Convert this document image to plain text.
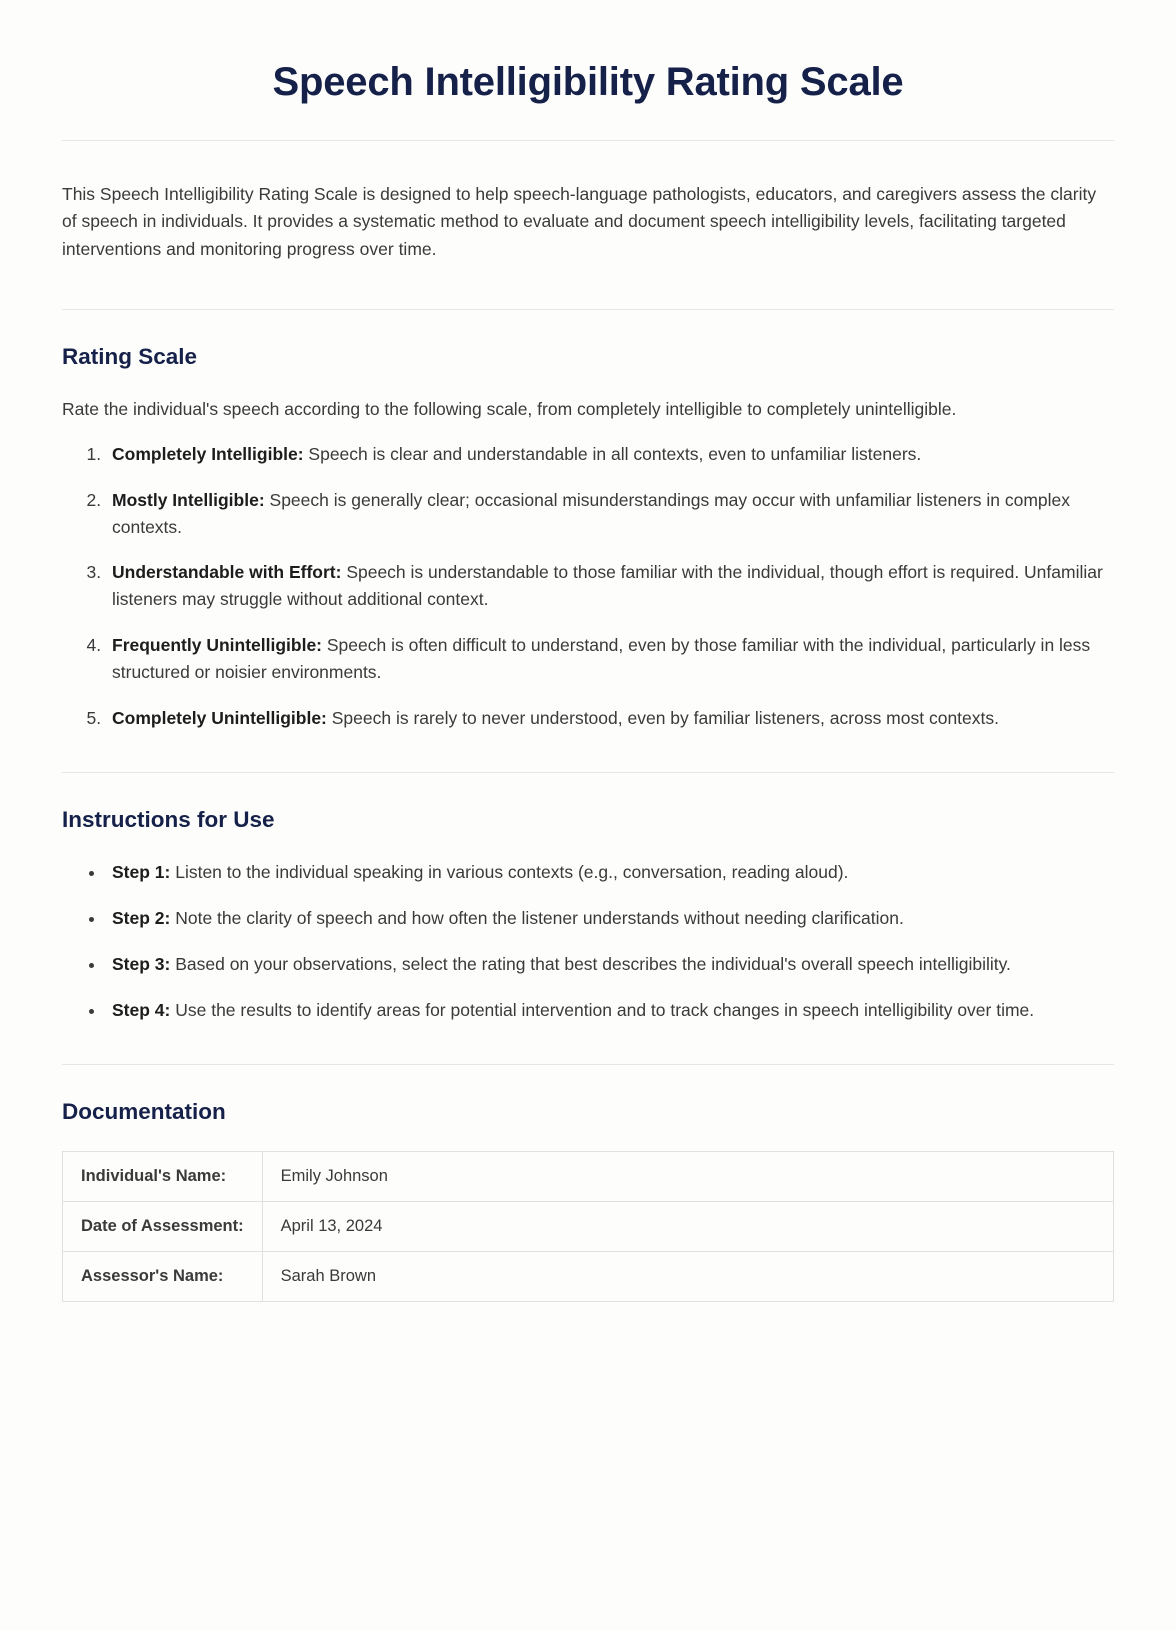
Speech Intelligibility Rating Scale

This Speech Intelligibility Rating Scale is designed to help speech-language pathologists, educators, and caregivers assess the clarity of speech in individuals. It provides a systematic method to evaluate and document speech intelligibility levels, facilitating targeted interventions and monitoring progress over time.

Rating Scale

Rate the individual's speech according to the following scale, from completely intelligible to completely unintelligible.

1. Completely Intelligible: Speech is clear and understandable in all contexts, even to unfamiliar listeners.
2. Mostly Intelligible: Speech is generally clear; occasional misunderstandings may occur with unfamiliar listeners in complex contexts.
3. Understandable with Effort: Speech is understandable to those familiar with the individual, though effort is required. Unfamiliar listeners may struggle without additional context.
4. Frequently Unintelligible: Speech is often difficult to understand, even by those familiar with the individual, particularly in less structured or noisier environments.
5. Completely Unintelligible: Speech is rarely to never understood, even by familiar listeners, across most contexts.
Instructions for Use
• Step 1: Listen to the individual speaking in various contexts (e.g., conversation, reading aloud).
• Step 2: Note the clarity of speech and how often the listener understands without needing clarification.
• Step 3: Based on your observations, select the rating that best describes the individual's overall speech intelligibility.
• Step 4: Use the results to identify areas for potential intervention and to track changes in speech intelligibility over time.
Documentation
Individual's Name:	Emily Johnson
Date of Assessment:	April 13, 2024
Assessor's Name:	Sarah Brown
